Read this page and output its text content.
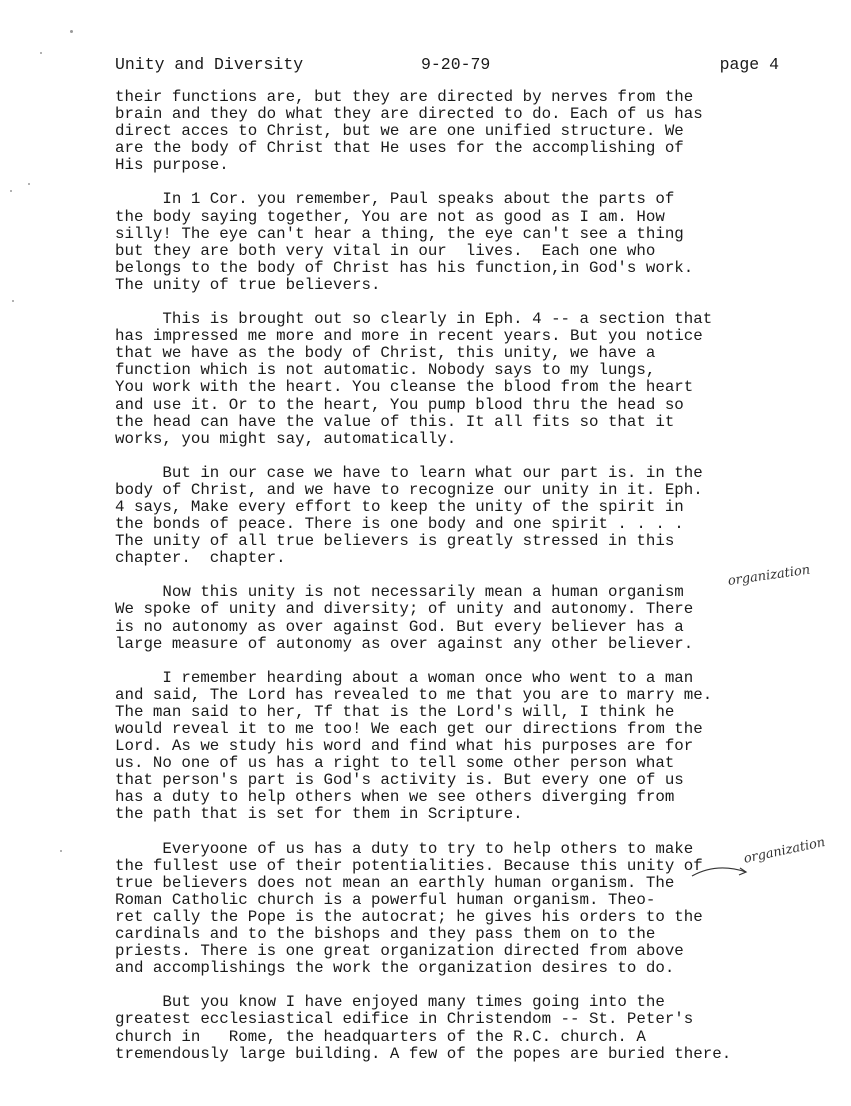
Unity and Diversity	9-20-79	page 4
their functions are, but they are directed by nerves from the
brain and they do what they are directed to do. Each of us has
direct acces to Christ, but we are one unified structure. We
are the body of Christ that He uses for the accomplishing of
His purpose.
In 1 Cor. you remember, Paul speaks about the parts of
the body saying together, You are not as good as I am. How
silly! The eye can't hear a thing, the eye can't see a thing
but they are both very vital in our  lives.  Each one who
belongs to the body of Christ has his function,in God's work.
The unity of true believers.
This is brought out so clearly in Eph. 4 -- a section that
has impressed me more and more in recent years. But you notice
that we have as the body of Christ, this unity, we have a
function which is not automatic. Nobody says to my lungs,
You work with the heart. You cleanse the blood from the heart
and use it. Or to the heart, You pump blood thru the head so
the head can have the value of this. It all fits so that it
works, you might say, automatically.
But in our case we have to learn what our part is. in the
body of Christ, and we have to recognize our unity in it. Eph.
4 says, Make every effort to keep the unity of the spirit in
the bonds of peace. There is one body and one spirit . . . .
The unity of all true believers is greatly stressed in this
chapter.  chapter.
Now this unity is not necessarily mean a human organism
We spoke of unity and diversity; of unity and autonomy. There
is no autonomy as over against God. But every believer has a
large measure of autonomy as over against any other believer.
I remember hearding about a woman once who went to a man
and said, The Lord has revealed to me that you are to marry me.
The man said to her, Tf that is the Lord's will, I think he
would reveal it to me too! We each get our directions from the
Lord. As we study his word and find what his purposes are for
us. No one of us has a right to tell some other person what
that person's part is God's activity is. But every one of us
has a duty to help others when we see others diverging from
the path that is set for them in Scripture.
Everyoone of us has a duty to try to help others to make
the fullest use of their potentialities. Because this unity of
true believers does not mean an earthly human organism. The
Roman Catholic church is a powerful human organism. Theo-
ret cally the Pope is the autocrat; he gives his orders to the
cardinals and to the bishops and they pass them on to the
priests. There is one great organization directed from above
and accomplishings the work the organization desires to do.
But you know I have enjoyed many times going into the
greatest ecclesiastical edifice in Christendom -- St. Peter's
church in   Rome, the headquarters of the R.C. church. A
tremendously large building. A few of the popes are buried there.
organization
organization
